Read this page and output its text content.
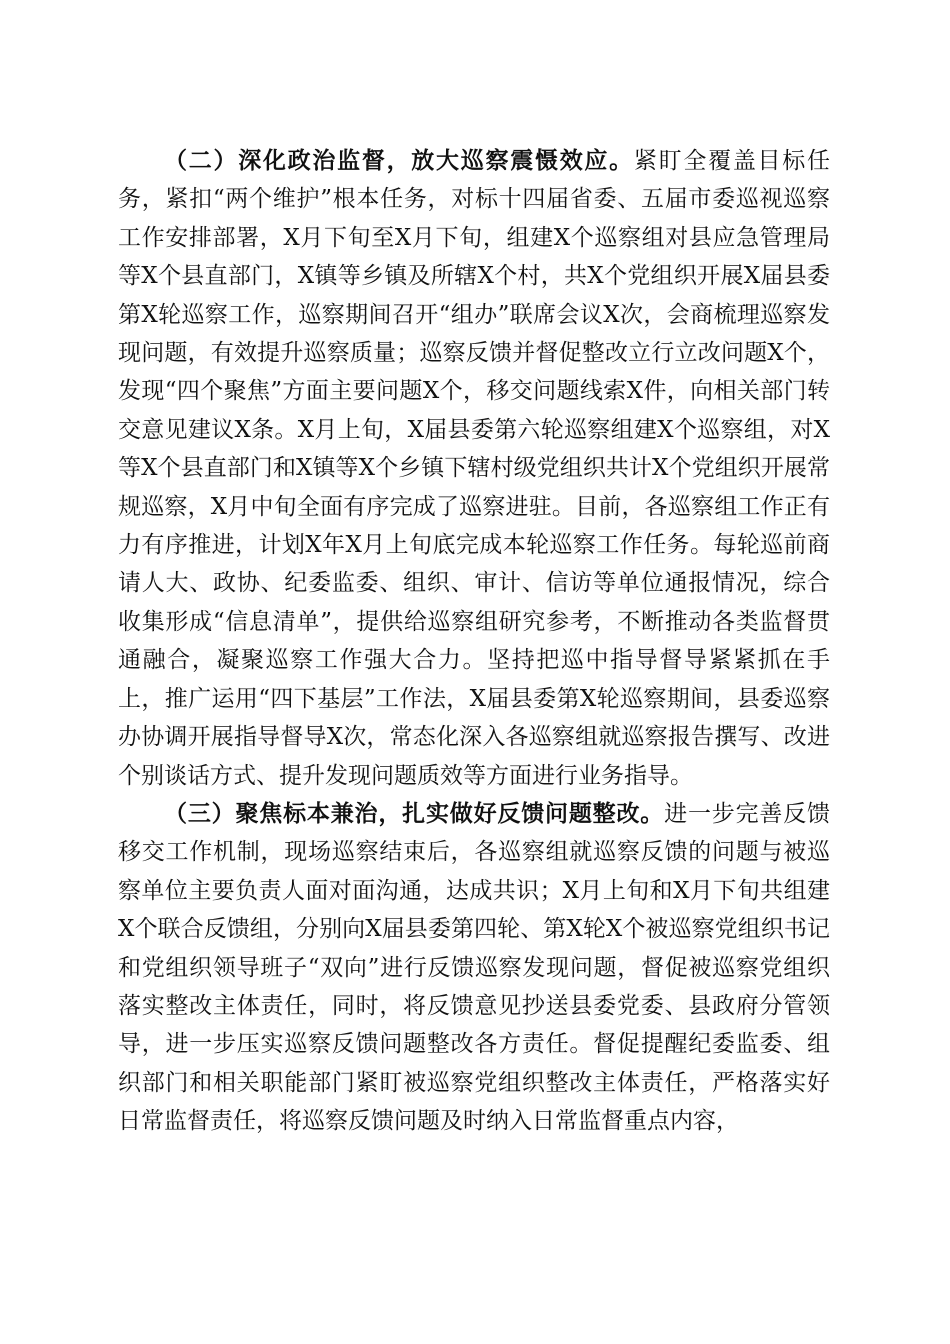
（二）深化政治监督，放大巡察震慑效应。紧盯全覆盖目标任务，紧扣“两个维护”根本任务，对标十四届省委、五届市委巡视巡察工作安排部署，X月下旬至X月下旬，组建X个巡察组对县应急管理局等X个县直部门，X镇等乡镇及所辖X个村，共X个党组织开展X届县委第X轮巡察工作，巡察期间召开“组办”联席会议X次，会商梳理巡察发现问题，有效提升巡察质量；巡察反馈并督促整改立行立改问题X个，发现“四个聚焦”方面主要问题X个，移交问题线索X件，向相关部门转交意见建议X条。X月上旬，X届县委第六轮巡察组建X个巡察组，对X等X个县直部门和X镇等X个乡镇下辖村级党组织共计X个党组织开展常规巡察，X月中旬全面有序完成了巡察进驻。目前，各巡察组工作正有力有序推进，计划X年X月上旬底完成本轮巡察工作任务。每轮巡前商请人大、政协、纪委监委、组织、审计、信访等单位通报情况，综合收集形成“信息清单”，提供给巡察组研究参考，不断推动各类监督贯通融合，凝聚巡察工作强大合力。坚持把巡中指导督导紧紧抓在手上，推广运用“四下基层”工作法，X届县委第X轮巡察期间，县委巡察办协调开展指导督导X次，常态化深入各巡察组就巡察报告撰写、改进个别谈话方式、提升发现问题质效等方面进行业务指导。

（三）聚焦标本兼治，扎实做好反馈问题整改。进一步完善反馈移交工作机制，现场巡察结束后，各巡察组就巡察反馈的问题与被巡察单位主要负责人面对面沟通，达成共识；X月上旬和X月下旬共组建X个联合反馈组，分别向X届县委第四轮、第X轮X个被巡察党组织书记和党组织领导班子“双向”进行反馈巡察发现问题，督促被巡察党组织落实整改主体责任，同时，将反馈意见抄送县委党委、县政府分管领导，进一步压实巡察反馈问题整改各方责任。督促提醒纪委监委、组织部门和相关职能部门紧盯被巡察党组织整改主体责任，严格落实好日常监督责任，将巡察反馈问题及时纳入日常监督重点内容，
